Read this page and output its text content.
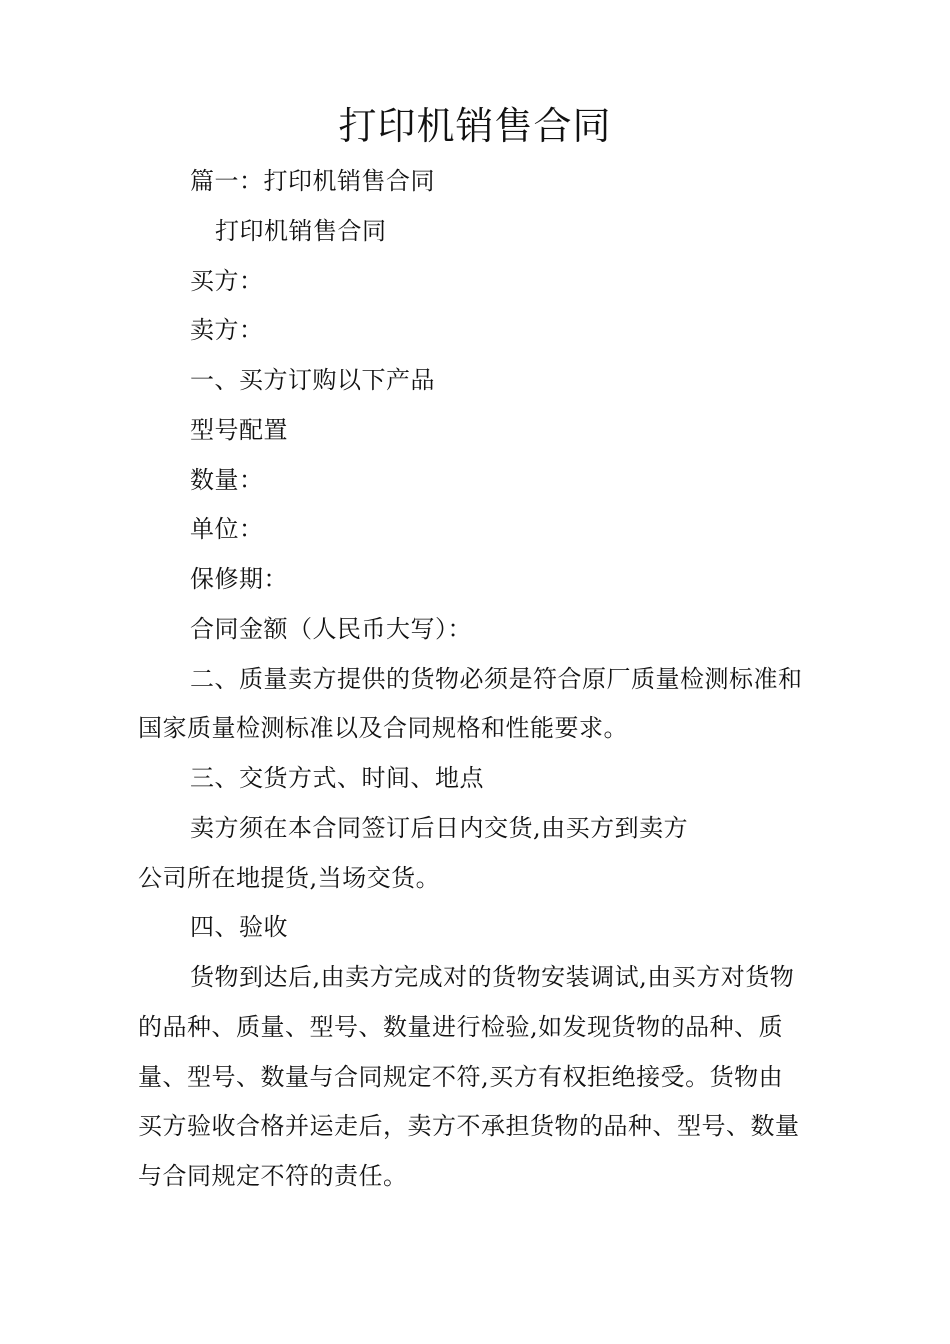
打印机销售合同

篇一：打印机销售合同

打印机销售合同

买方：

卖方：

一、买方订购以下产品

型号配置

数量：

单位：

保修期：

合同金额（人民币大写）：

二、质量卖方提供的货物必须是符合原厂质量检测标准和

国家质量检测标准以及合同规格和性能要求。

三、交货方式、时间、地点

卖方须在本合同签订后日内交货,由买方到卖方

公司所在地提货,当场交货。

四、验收

货物到达后,由卖方完成对的货物安装调试,由买方对货物

的品种、质量、型号、数量进行检验,如发现货物的品种、质

量、型号、数量与合同规定不符,买方有权拒绝接受。货物由

买方验收合格并运走后，卖方不承担货物的品种、型号、数量

与合同规定不符的责任。
